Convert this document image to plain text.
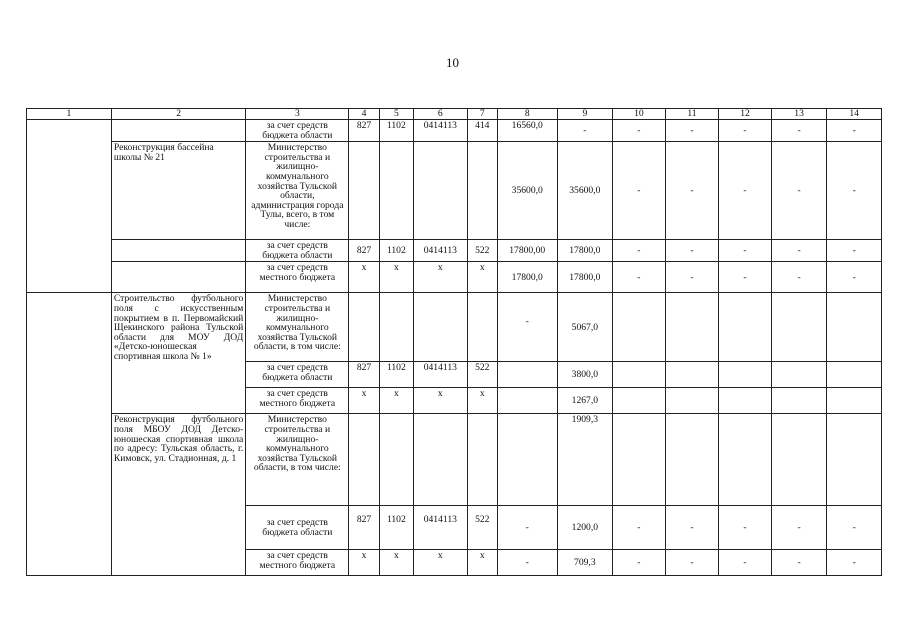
10
1	2	3	4	5	6	7	8	9	10	11	12	13	14
		за счет средств бюджета области	827	1102	0414113	414	16560,0	-	-	-	-	-	-
	Реконструкция бассейна школы № 21	Министерство строительства и жилищно-коммунального хозяйства Тульской области, администрация города Тулы, всего, в том числе:					35600,0	35600,0	-	-	-	-	-
		за счет средств бюджета области	827	1102	0414113	522	17800,00	17800,0	-	-	-	-	-
		за счет средств местного бюджета	х	х	х	х	17800,0	17800,0	-	-	-	-	-
	Строительство футбольного поля с искусственным покрытием в п. Первомайский Щекинского района Тульской области для МОУ ДОД «Детско-юношеская спортивная школа № 1»	Министерство строительства и жилищно-коммунального хозяйства Тульской области, в том числе:					-	5067,0					
		за счет средств бюджета области	827	1102	0414113	522		3800,0					
		за счет средств местного бюджета	х	х	х	х		1267,0					
	Реконструкция футбольного поля МБОУ ДОД Детско-юношеская спортивная школа по адресу: Тульская область, г. Кимовск, ул. Стадионная, д. 1	Министерство строительства и жилищно-коммунального хозяйства Тульской области, в том числе:						1909,3					
		за счет средств бюджета области	827	1102	0414113	522	-	1200,0	-	-	-	-	-
		за счет средств местного бюджета	х	х	х	х	-	709,3	-	-	-	-	-
